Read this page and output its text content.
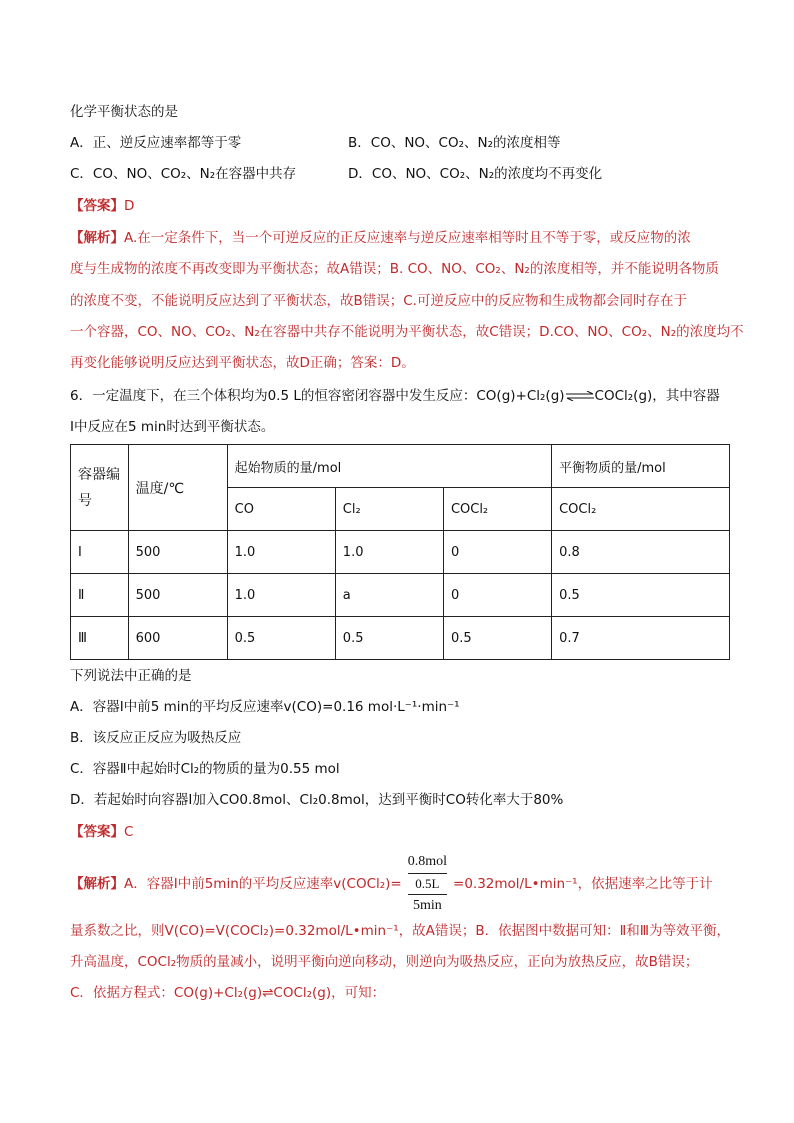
化学平衡状态的是
A．正、逆反应速率都等于零	B．CO、NO、CO₂、N₂的浓度相等
C．CO、NO、CO₂、N₂在容器中共存	D．CO、NO、CO₂、N₂的浓度均不再变化
【答案】D
【解析】A.在一定条件下，当一个可逆反应的正反应速率与逆反应速率相等时且不等于零，或反应物的浓
度与生成物的浓度不再改变即为平衡状态；故A错误；B. CO、NO、CO₂、N₂的浓度相等，并不能说明各物质
的浓度不变，不能说明反应达到了平衡状态，故B错误；C.可逆反应中的反应物和生成物都会同时存在于
一个容器，CO、NO、CO₂、N₂在容器中共存不能说明为平衡状态，故C错误；D.CO、NO、CO₂、N₂的浓度均不
再变化能够说明反应达到平衡状态，故D正确；答案：D。
6．一定温度下，在三个体积均为0.5 L的恒容密闭容器中发生反应：CO(g)+Cl₂(g)⇌COCl₂(g)，其中容器
Ⅰ中反应在5 min时达到平衡状态。
容器编号	温度/℃	起始物质的量/mol			平衡物质的量/mol
		CO	Cl₂	COCl₂	COCl₂
Ⅰ	500	1.0	1.0	0	0.8
Ⅱ	500	1.0	a	0	0.5
Ⅲ	600	0.5	0.5	0.5	0.7
下列说法中正确的是
A．容器Ⅰ中前5 min的平均反应速率v(CO)=0.16 mol·L⁻¹·min⁻¹
B．该反应正反应为吸热反应
C．容器Ⅱ中起始时Cl₂的物质的量为0.55 mol
D．若起始时向容器Ⅰ加入CO0.8mol、Cl₂0.8mol，达到平衡时CO转化率大于80%
【答案】C
【解析】A．容器I中前5min的平均反应速率v(COCl₂)=
0.8mol
0.5L
5min
=0.32mol/L•min⁻¹，依据速率之比等于计
量系数之比，则V(CO)=V(COCl₂)=0.32mol/L•min⁻¹，故A错误；B．依据图中数据可知：Ⅱ和Ⅲ为等效平衡，
升高温度，COCl₂物质的量减小，说明平衡向逆向移动，则逆向为吸热反应，正向为放热反应，故B错误；
C．依据方程式：CO(g)+Cl₂(g)⇌COCl₂(g)，可知：
